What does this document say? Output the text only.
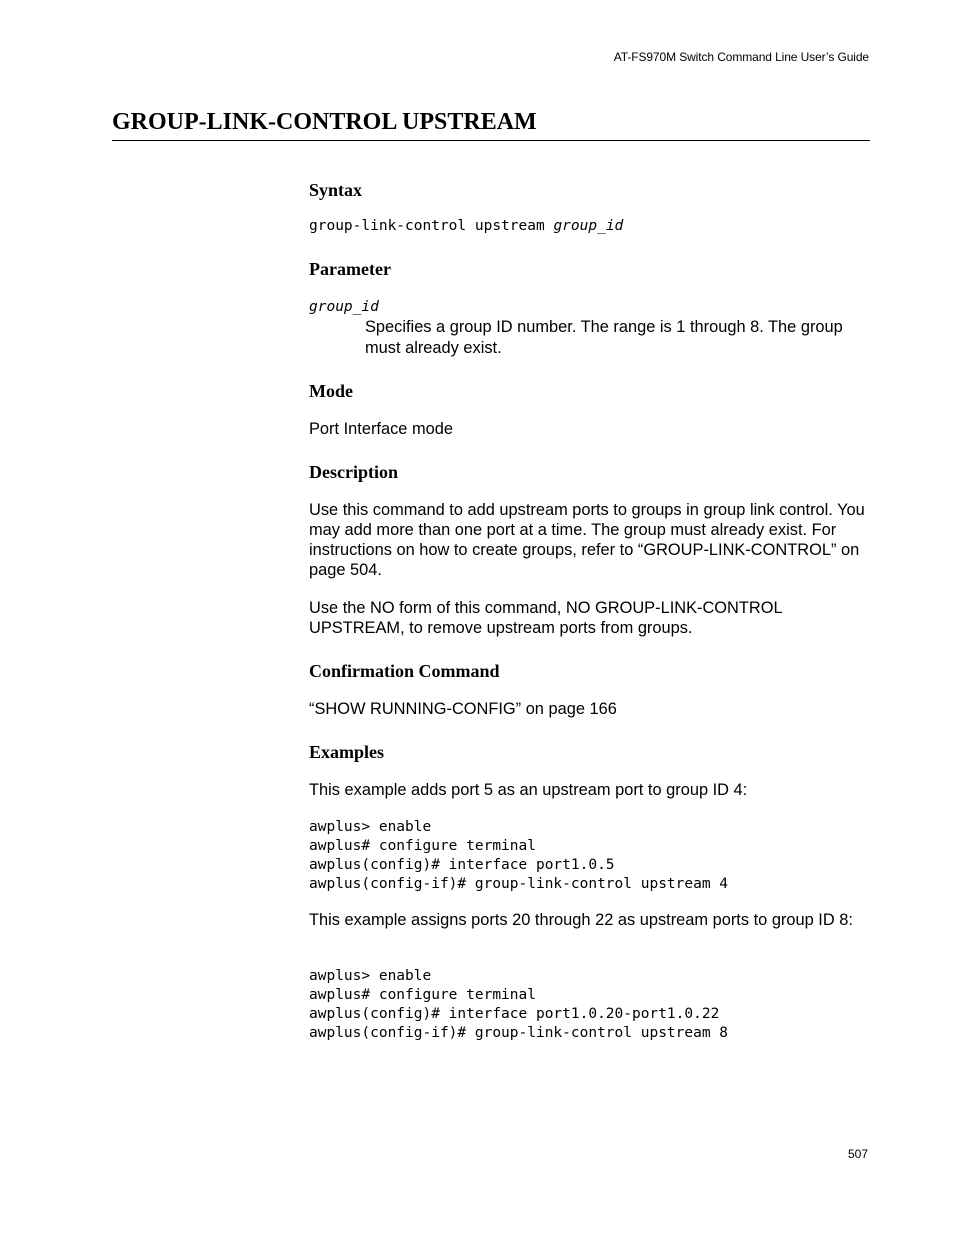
AT-FS970M Switch Command Line User’s Guide
GROUP-LINK-CONTROL UPSTREAM
Syntax
group-link-control upstream group_id
Parameter
group_id

Specifies a group ID number. The range is 1 through 8. The group must already exist.

Mode

Port Interface mode

Description

Use this command to add upstream ports to groups in group link control. You may add more than one port at a time. The group must already exist. For instructions on how to create groups, refer to “GROUP-LINK-CONTROL” on page 504.

Use the NO form of this command, NO GROUP-LINK-CONTROL UPSTREAM, to remove upstream ports from groups.

Confirmation Command

“SHOW RUNNING-CONFIG” on page 166

Examples

This example adds port 5 as an upstream port to group ID 4:

awplus> enable
awplus# configure terminal
awplus(config)# interface port1.0.5
awplus(config-if)# group-link-control upstream 4

This example assigns ports 20 through 22 as upstream ports to group ID 8:

awplus> enable
awplus# configure terminal
awplus(config)# interface port1.0.20-port1.0.22
awplus(config-if)# group-link-control upstream 8
507
